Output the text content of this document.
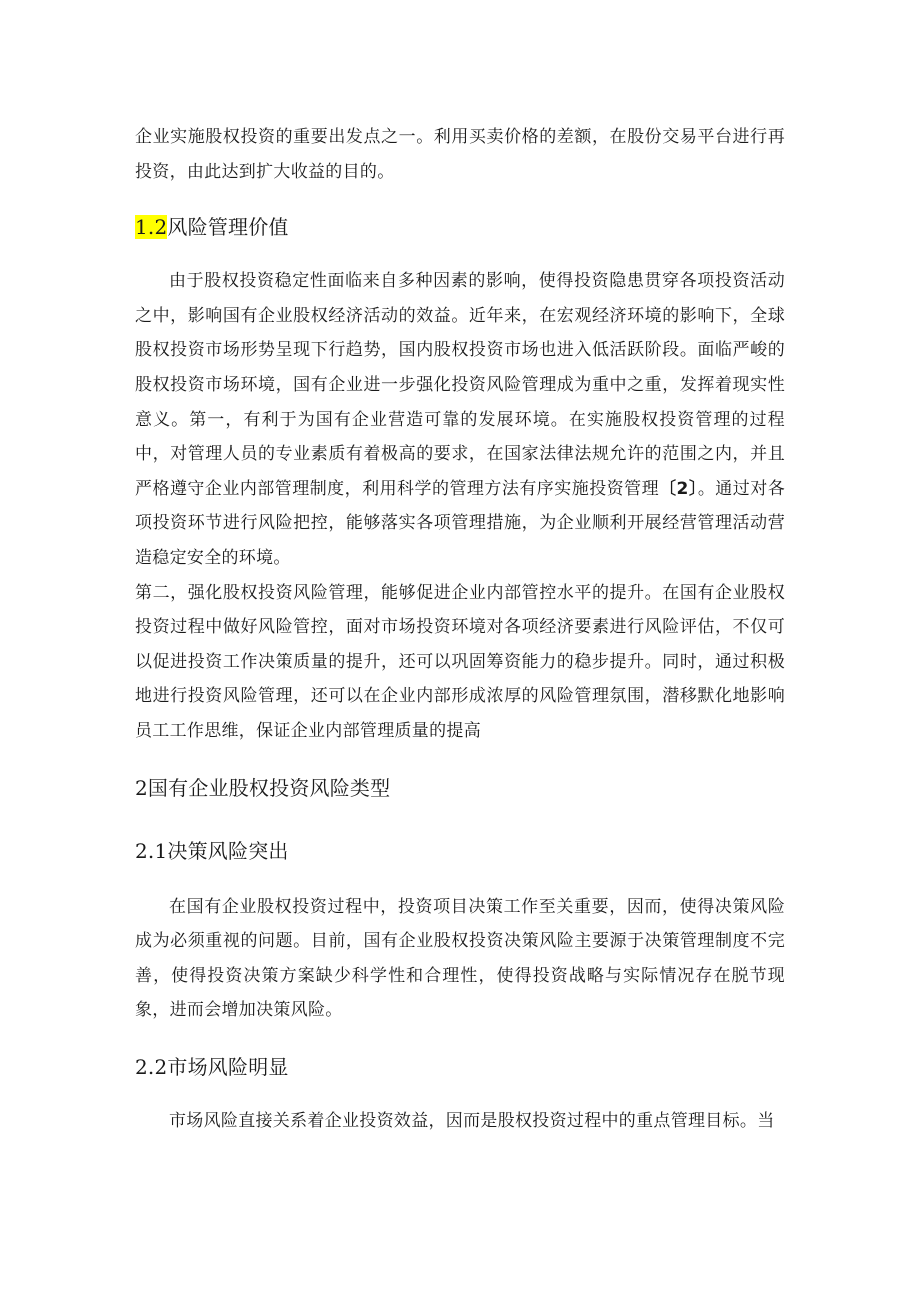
企业实施股权投资的重要出发点之一。利用买卖价格的差额，在股份交易平台进行再投资，由此达到扩大收益的目的。

1.2风险管理价值

由于股权投资稳定性面临来自多种因素的影响，使得投资隐患贯穿各项投资活动之中，影响国有企业股权经济活动的效益。近年来，在宏观经济环境的影响下，全球股权投资市场形势呈现下行趋势，国内股权投资市场也进入低活跃阶段。面临严峻的股权投资市场环境，国有企业进一步强化投资风险管理成为重中之重，发挥着现实性意义。第一，有利于为国有企业营造可靠的发展环境。在实施股权投资管理的过程中，对管理人员的专业素质有着极高的要求，在国家法律法规允许的范围之内，并且严格遵守企业内部管理制度，利用科学的管理方法有序实施投资管理〔2〕。通过对各项投资环节进行风险把控，能够落实各项管理措施，为企业顺利开展经营管理活动营造稳定安全的环境。

第二，强化股权投资风险管理，能够促进企业内部管控水平的提升。在国有企业股权投资过程中做好风险管控，面对市场投资环境对各项经济要素进行风险评估，不仅可以促进投资工作决策质量的提升，还可以巩固筹资能力的稳步提升。同时，通过积极地进行投资风险管理，还可以在企业内部形成浓厚的风险管理氛围，潜移默化地影响员工工作思维，保证企业内部管理质量的提高

2国有企业股权投资风险类型
2.1决策风险突出

在国有企业股权投资过程中，投资项目决策工作至关重要，因而，使得决策风险成为必须重视的问题。目前，国有企业股权投资决策风险主要源于决策管理制度不完善，使得投资决策方案缺少科学性和合理性，使得投资战略与实际情况存在脱节现象，进而会增加决策风险。

2.2市场风险明显

市场风险直接关系着企业投资效益，因而是股权投资过程中的重点管理目标。当
